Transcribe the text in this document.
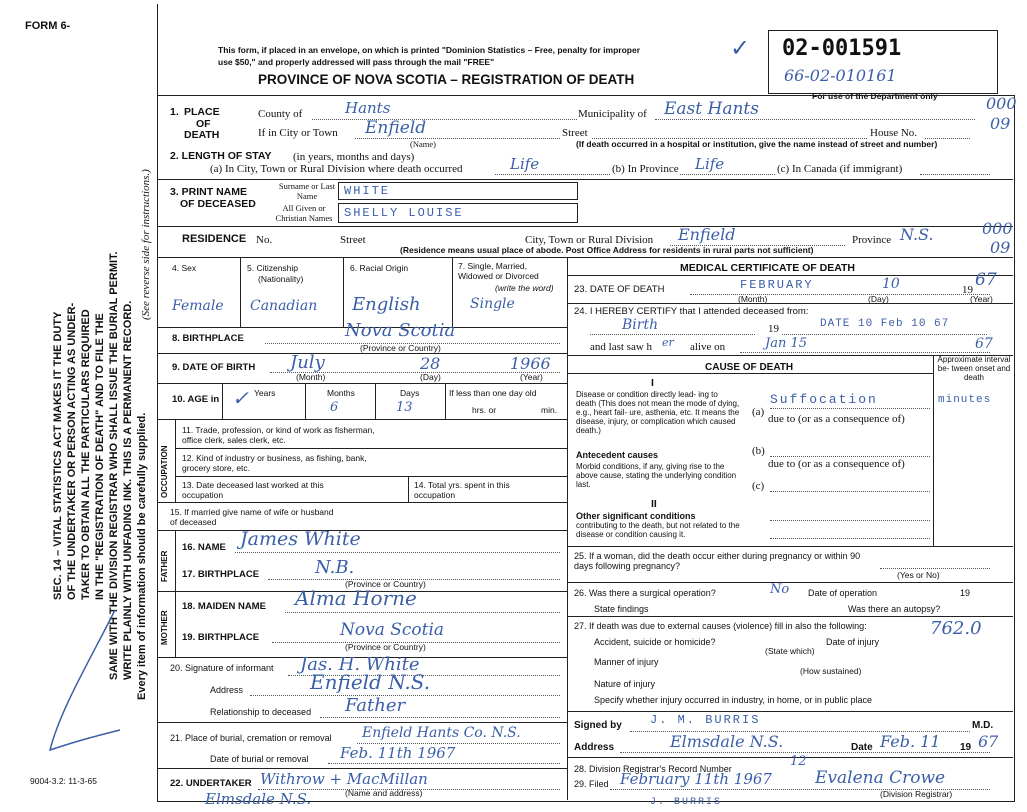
FORM 6-
This form, if placed in an envelope, on which is printed "Dominion Statistics – Free, penalty for improper
use $50," and properly addressed will pass through the mail "FREE"	✓
PROVINCE OF NOVA SCOTIA – REGISTRATION OF DEATH
02-001591
66-02-010161
For use of the Department only
SEC. 14 – VITAL STATISTICS ACT MAKES IT THE DUTY OF THE UNDERTAKER OR PERSON ACTING AS UNDER- TAKER TO OBTAIN ALL THE PARTICULARS REQUIRED IN THE "REGISTRATION OF DEATH" AND TO FILE THE SAME WITH THE DIVISION REGISTRAR WHO SHALL ISSUE THE BURIAL PERMIT. WRITE PLAINLY WITH UNFADING INK. THIS IS A PERMANENT RECORD. Every item of information should be carefully supplied.
(See reverse side for instructions.)
1. PLACE
OF
DEATH
County of	Hants	Municipality of East Hants
If in City or Town Enfield
(Name)
Street	House No.
(If death occurred in a hospital or institution, give the name instead of street and number)
000
09
2. LENGTH OF STAY (in years, months and days)
(a) In City, Town or Rural Division where death occurred	Life	(b) In Province Life	(c) In Canada (if immigrant)
3. PRINT NAME
OF DECEASED
Surname or Last Name	WHITE
All Given or Christian Names SHELLY LOUISE
RESIDENCE No.	Street	City, Town or Rural Division Enfield	Province N.S.
(Residence means usual place of abode. Post Office Address for residents in rural parts not sufficient)
000
09
4. Sex	5. Citizenship
(Nationality)
6. Racial Origin	7. Single, Married, Widowed or Divorced
(write the word)
Female Canadian English	Single
8. BIRTHPLACE	Nova Scotia
(Province or Country)
9. DATE OF BIRTH July	28	1966
(Month)	(Day)	(Year)
10. AGE in
Years	Months	Days	If less than one day old
hrs. or	min.
✓	6	13
OCCUPATION
11. Trade, profession, or kind of work as fisherman, office clerk, sales clerk, etc.
12. Kind of industry or business, as fishing, bank, grocery store, etc.
13. Date deceased last worked at this occupation
14. Total yrs. spent in this occupation
15. If married give name of wife or husband of deceased
FATHER
16. NAME James White
17. BIRTHPLACE	N.B.
(Province or Country)
MOTHER
18. MAIDEN NAME Alma Horne
19. BIRTHPLACE	Nova Scotia
(Province or Country)
20. Signature of informant Jas. H. White
Address	Enfield N.S.
Relationship to deceased Father
21. Place of burial, cremation or removal Enfield Hants Co. N.S.
Date of burial or removal Feb. 11th 1967
22. UNDERTAKER Withrow + MacMillan
(Name and address)
Elmsdale N.S.
MEDICAL CERTIFICATE OF DEATH
23. DATE OF DEATH	FEBRUARY	10	19 67
(Month)	(Day)	(Year)
24. I HEREBY CERTIFY that I attended deceased from:
Birth	19	DATE 10 Feb 10 67
and last saw h er alive on	Jan 15	67
CAUSE OF DEATH
Approximate interval be- tween onset and death
I
Disease or condition directly lead- ing to death (This does not mean the mode of dying, e.g., heart fail- ure, asthenia, etc. It means the disease, injury, or complication which caused death.)
(a)
Suffocation	minutes
due to (or as a consequence of)
Antecedent causes
Morbid conditions, if any, giving rise to the above cause, stating the underlying condition last.
(b)
due to (or as a consequence of)
(c)
II
Other significant conditions
contributing to the death, but not related to the disease or condition causing it.
25. If a woman, did the death occur either during pregnancy or within 90 days following pregnancy?
(Yes or No)
26. Was there a surgical operation?	No Date of operation	19
State findings	Was there an autopsy?
27. If death was due to external causes (violence) fill in also the following:
Accident, suicide or homicide?
(State which)
Date of injury
762.0
Manner of injury
(How sustained)
Nature of injury
Specify whether injury occurred in industry, in home, or in public place
Signed by J. M. BURRIS	M.D.
Address	Elmsdale N.S.	Date Feb. 11 19 67
28. Division Registrar's Record Number	12
29. Filed February 11th 1967	Evalena Crowe
(Division Registrar)
9004-3.2: 11-3-65
J. BURRIS
